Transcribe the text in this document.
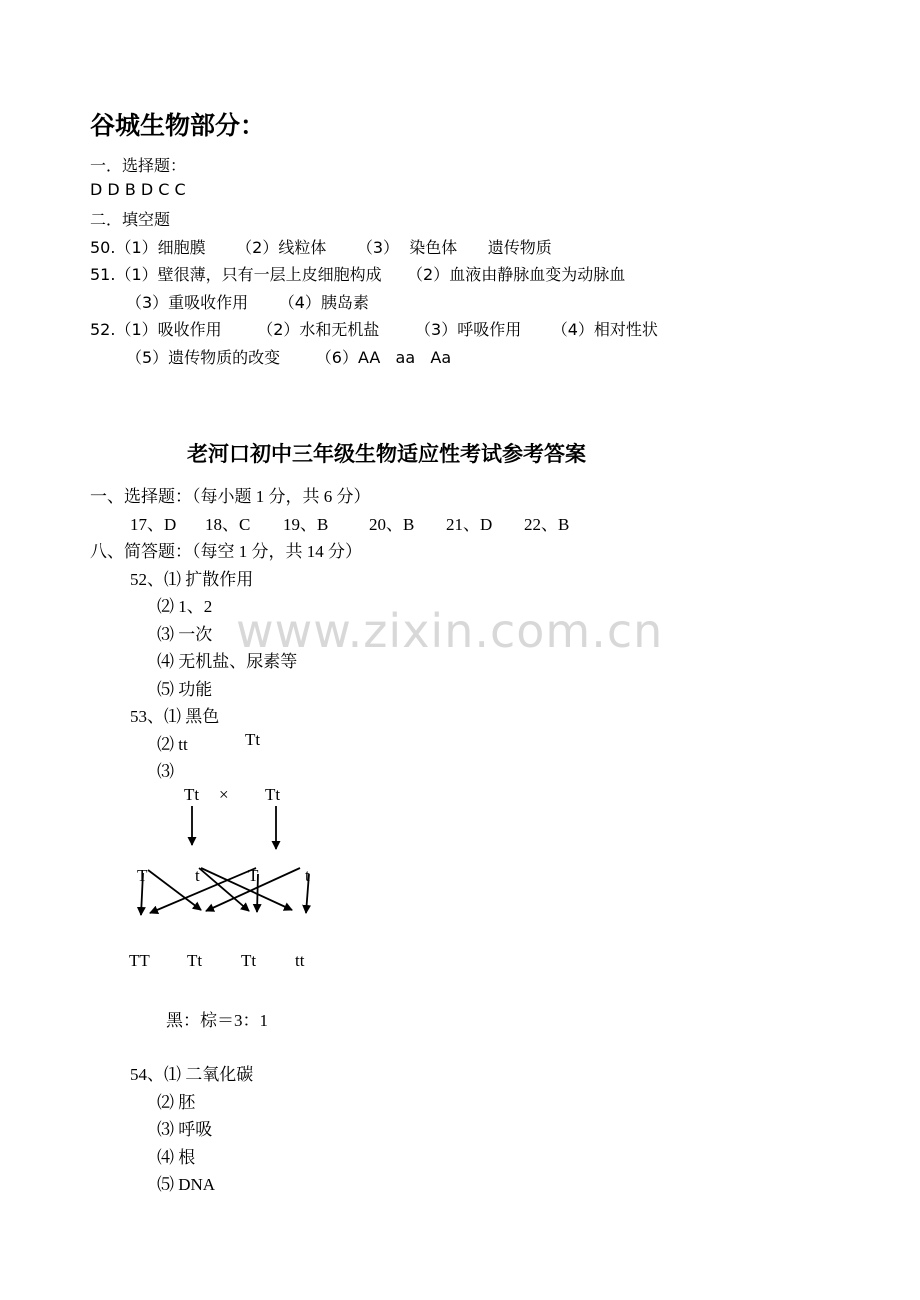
www.zixin.com.cn
谷城生物部分：
一．选择题：
D D B D C C
二．填空题
50.（1）细胞膜      （2）线粒体      （3）  染色体      遗传物质
51.（1）壁很薄，只有一层上皮细胞构成     （2）血液由静脉血变为动脉血
（3）重吸收作用      （4）胰岛素
52.（1）吸收作用       （2）水和无机盐       （3）呼吸作用      （4）相对性状
（5）遗传物质的改变       （6）AA   aa   Aa
老河口初中三年级生物适应性考试参考答案
一、选择题：（每小题 1 分，共 6 分）
17、D 18、C 19、B 20、B 21、D 22、B
八、简答题：（每空 1 分，共 14 分）
52、⑴ 扩散作用
⑵ 1、2
⑶ 一次
⑷ 无机盐、尿素等
⑸ 功能
53、⑴ 黑色
⑵ tt	Tt
⑶
Tt × Tt
T	t	T	t
TT Tt Tt tt
黑：棕＝3：1
54、⑴ 二氧化碳
⑵ 胚
⑶ 呼吸
⑷ 根
⑸ DNA
